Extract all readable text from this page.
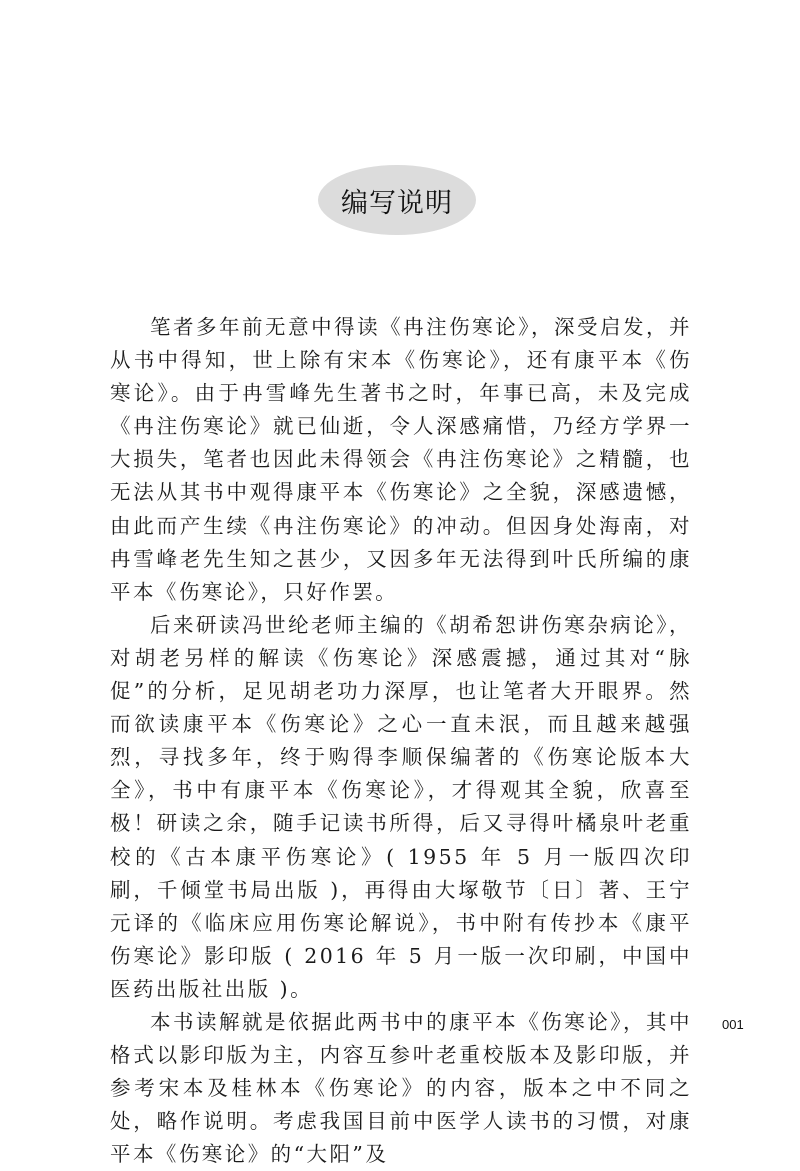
编写说明

笔者多年前无意中得读《冉注伤寒论》，深受启发，并从书中得知，世上除有宋本《伤寒论》，还有康平本《伤寒论》。由于冉雪峰先生著书之时，年事已高，未及完成《冉注伤寒论》就已仙逝，令人深感痛惜，乃经方学界一大损失，笔者也因此未得领会《冉注伤寒论》之精髓，也无法从其书中观得康平本《伤寒论》之全貌，深感遗憾，由此而产生续《冉注伤寒论》的冲动。但因身处海南，对冉雪峰老先生知之甚少，又因多年无法得到叶氏所编的康平本《伤寒论》，只好作罢。

后来研读冯世纶老师主编的《胡希恕讲伤寒杂病论》，对胡老另样的解读《伤寒论》深感震撼，通过其对“脉促”的分析，足见胡老功力深厚，也让笔者大开眼界。然而欲读康平本《伤寒论》之心一直未泯，而且越来越强烈，寻找多年，终于购得李顺保编著的《伤寒论版本大全》，书中有康平本《伤寒论》，才得观其全貌，欣喜至极！研读之余，随手记读书所得，后又寻得叶橘泉叶老重校的《古本康平伤寒论》( 1955 年 5 月一版四次印刷，千倾堂书局出版 )，再得由大塚敬节〔日〕著、王宁元译的《临床应用伤寒论解说》，书中附有传抄本《康平伤寒论》影印版 ( 2016 年 5 月一版一次印刷，中国中医药出版社出版 )。

本书读解就是依据此两书中的康平本《伤寒论》，其中格式以影印版为主，内容互参叶老重校版本及影印版，并参考宋本及桂林本《伤寒论》的内容，版本之中不同之处，略作说明。考虑我国目前中医学人读书的习惯，对康平本《伤寒论》的“大阳”及

001
